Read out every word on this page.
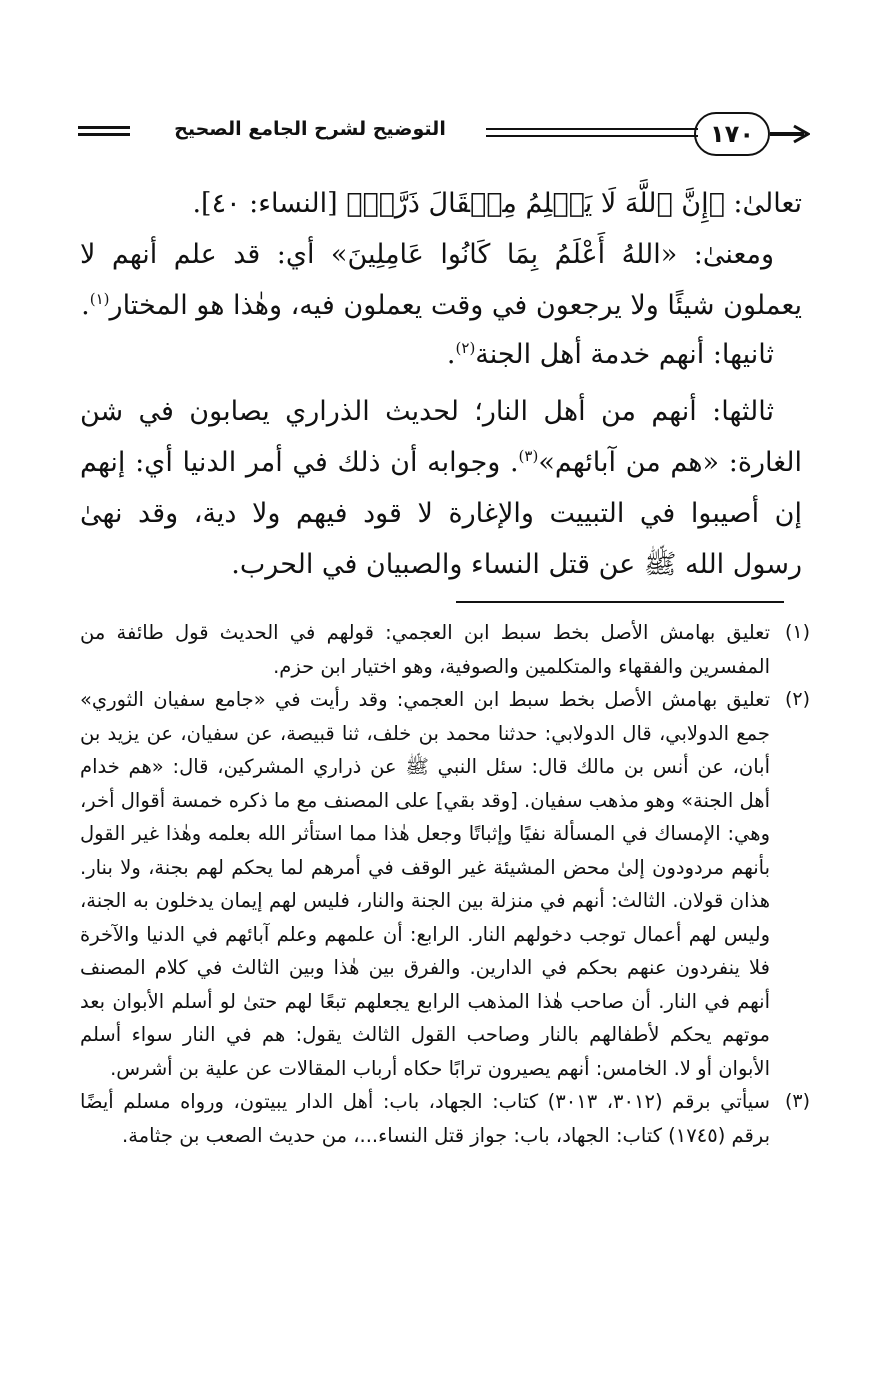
التوضيح لشرح الجامع الصحيح	١٧٠

تعالىٰ: ﴿إِنَّ ٱللَّهَ لَا يَظۡلِمُ مِثۡقَالَ ذَرَّةٖ﴾ [النساء: ٤٠].

ومعنىٰ: «اللهُ أَعْلَمُ بِمَا كَانُوا عَامِلِينَ» أي: قد علم أنهم لا يعملون شيئًا ولا يرجعون في وقت يعملون فيه، وهٰذا هو المختار$^{(١)}$.

ثانيها: أنهم خدمة أهل الجنة$^{(٢)}$.

ثالثها: أنهم من أهل النار؛ لحديث الذراري يصابون في شن الغارة: «هم من آبائهم»$^{(٣)}$. وجوابه أن ذلك في أمر الدنيا أي: إنهم إن أصيبوا في التبييت والإغارة لا قود فيهم ولا دية، وقد نهىٰ رسول الله ﷺ عن قتل النساء والصبيان في الحرب.

(١)
تعليق بهامش الأصل بخط سبط ابن العجمي: قولهم في الحديث قول طائفة من المفسرين والفقهاء والمتكلمين والصوفية، وهو اختيار ابن حزم.
(٢)
تعليق بهامش الأصل بخط سبط ابن العجمي: وقد رأيت في «جامع سفيان الثوري» جمع الدولابي، قال الدولابي: حدثنا محمد بن خلف، ثنا قبيصة، عن سفيان، عن يزيد بن أبان، عن أنس بن مالك قال: سئل النبي ﷺ عن ذراري المشركين، قال: «هم خدام أهل الجنة» وهو مذهب سفيان. [وقد بقي] على المصنف مع ما ذكره خمسة أقوال أخر، وهي: الإمساك في المسألة نفيًا وإثباتًا وجعل هٰذا مما استأثر الله بعلمه وهٰذا غير القول بأنهم مردودون إلىٰ محض المشيئة غير الوقف في أمرهم لما يحكم لهم بجنة، ولا بنار. هذان قولان. الثالث: أنهم في منزلة بين الجنة والنار، فليس لهم إيمان يدخلون به الجنة، وليس لهم أعمال توجب دخولهم النار. الرابع: أن علمهم وعلم آبائهم في الدنيا والآخرة فلا ينفردون عنهم بحكم في الدارين. والفرق بين هٰذا وبين الثالث في كلام المصنف أنهم في النار. أن صاحب هٰذا المذهب الرابع يجعلهم تبعًا لهم حتىٰ لو أسلم الأبوان بعد موتهم يحكم لأطفالهم بالنار وصاحب القول الثالث يقول: هم في النار سواء أسلم الأبوان أو لا. الخامس: أنهم يصيرون ترابًا حكاه أرباب المقالات عن علية بن أشرس.
(٣)
سيأتي برقم (٣٠١٢، ٣٠١٣) كتاب: الجهاد، باب: أهل الدار يبيتون، ورواه مسلم أيضًا برقم (١٧٤٥) كتاب: الجهاد، باب: جواز قتل النساء...، من حديث الصعب بن جثامة.
